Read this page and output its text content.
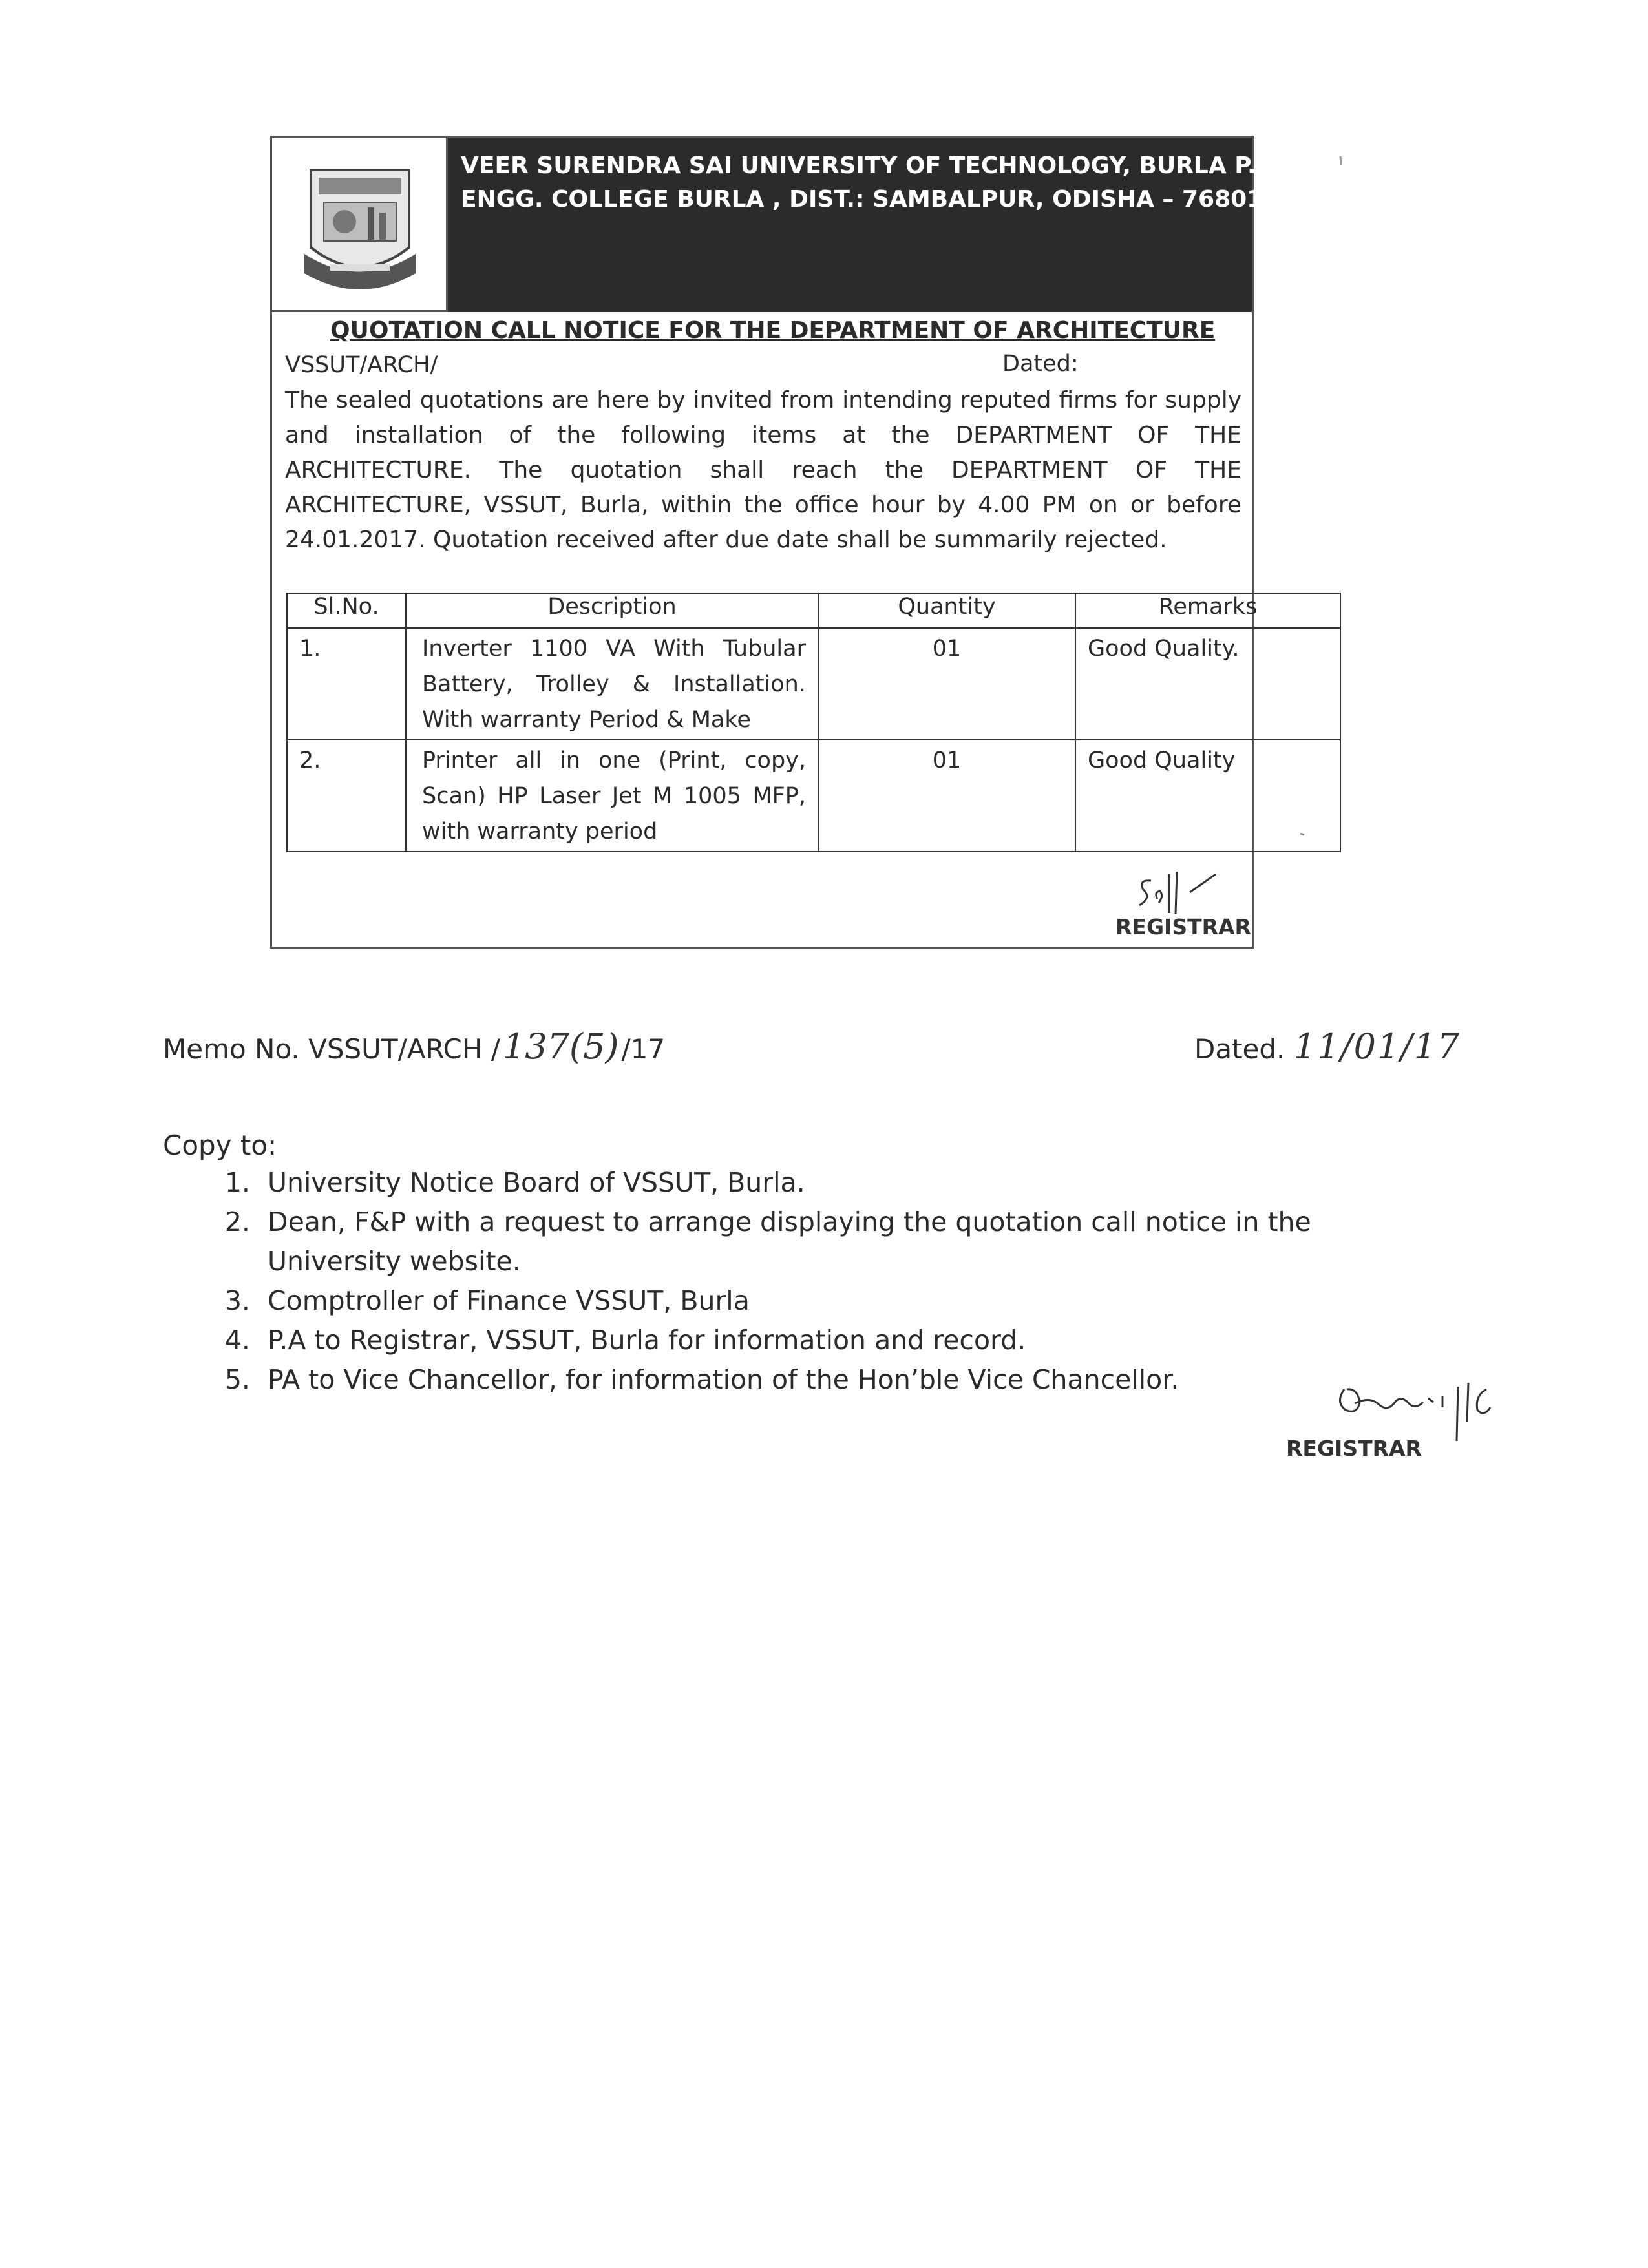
VEER SURENDRA SAI UNIVERSITY OF TECHNOLOGY, BURLA P.O.:
ENGG. COLLEGE BURLA , DIST.: SAMBALPUR, ODISHA – 768018
QUOTATION CALL NOTICE FOR THE DEPARTMENT OF ARCHITECTURE
VSSUT/ARCH/	Dated:

The sealed quotations are here by invited from intending reputed firms for supply and installation of the following items at the DEPARTMENT OF THE ARCHITECTURE. The quotation shall reach the DEPARTMENT OF THE ARCHITECTURE, VSSUT, Burla, within the office hour by 4.00 PM on or before 24.01.2017. Quotation received after due date shall be summarily rejected.

Sl.No.	Description	Quantity	Remarks
1.	Inverter 1100 VA With Tubular Battery, Trolley & Installation. With warranty Period & Make	01	Good Quality.
2.	Printer all in one (Print, copy, Scan) HP Laser Jet M 1005 MFP, with warranty period	01	Good Quality
REGISTRAR
Memo No. VSSUT/ARCH /137(5)/17	Dated. 11/01/17
Copy to:
1. University Notice Board of VSSUT, Burla.
2. Dean, F&P with a request to arrange displaying the quotation call notice in the University website.
3. Comptroller of Finance VSSUT, Burla
4. P.A to Registrar, VSSUT, Burla for information and record.
5. PA to Vice Chancellor, for information of the Hon’ble Vice Chancellor.
REGISTRAR
